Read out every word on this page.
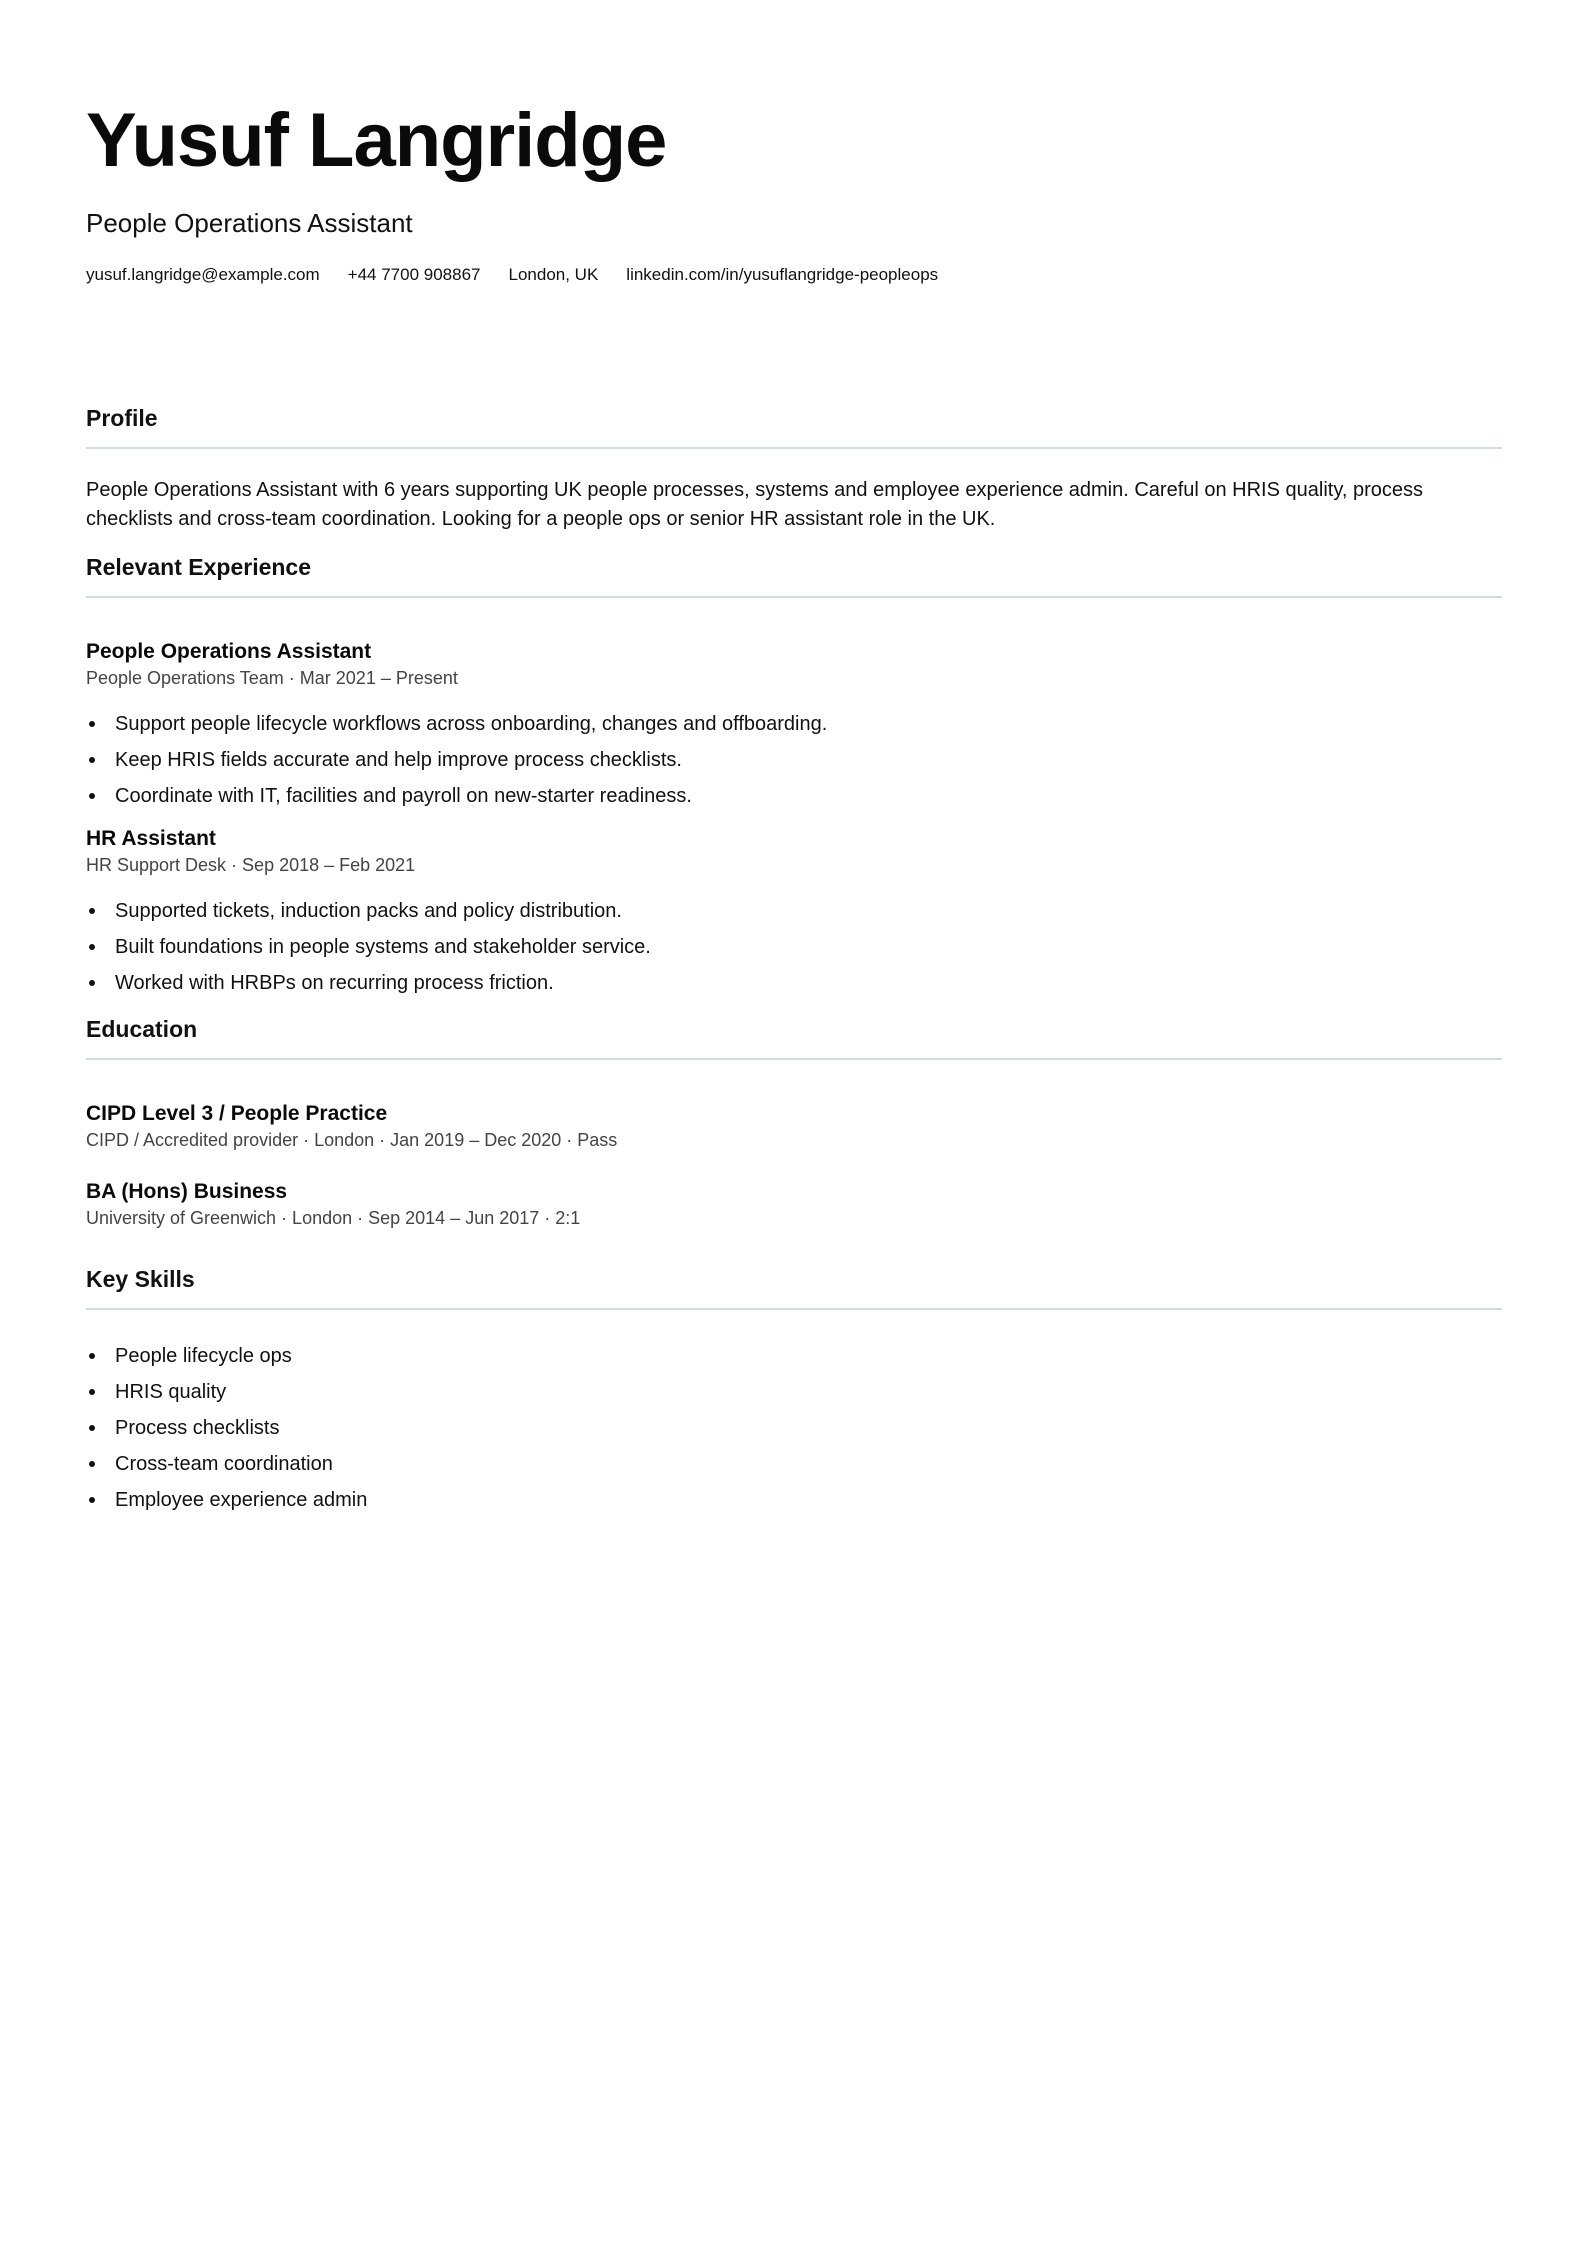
Yusuf Langridge
People Operations Assistant
yusuf.langridge@example.com +44 7700 908867 London, UK linkedin.com/in/yusuflangridge-peopleops
Profile

People Operations Assistant with 6 years supporting UK people processes, systems and employee experience admin. Careful on HRIS quality, process checklists and cross-team coordination. Looking for a people ops or senior HR assistant role in the UK.

Relevant Experience
People Operations Assistant
People Operations Team · Mar 2021 – Present
Support people lifecycle workflows across onboarding, changes and offboarding.
Keep HRIS fields accurate and help improve process checklists.
Coordinate with IT, facilities and payroll on new-starter readiness.
HR Assistant
HR Support Desk · Sep 2018 – Feb 2021
Supported tickets, induction packs and policy distribution.
Built foundations in people systems and stakeholder service.
Worked with HRBPs on recurring process friction.
Education
CIPD Level 3 / People Practice
CIPD / Accredited provider · London · Jan 2019 – Dec 2020 · Pass
BA (Hons) Business
University of Greenwich · London · Sep 2014 – Jun 2017 · 2:1
Key Skills
People lifecycle ops
HRIS quality
Process checklists
Cross-team coordination
Employee experience admin
